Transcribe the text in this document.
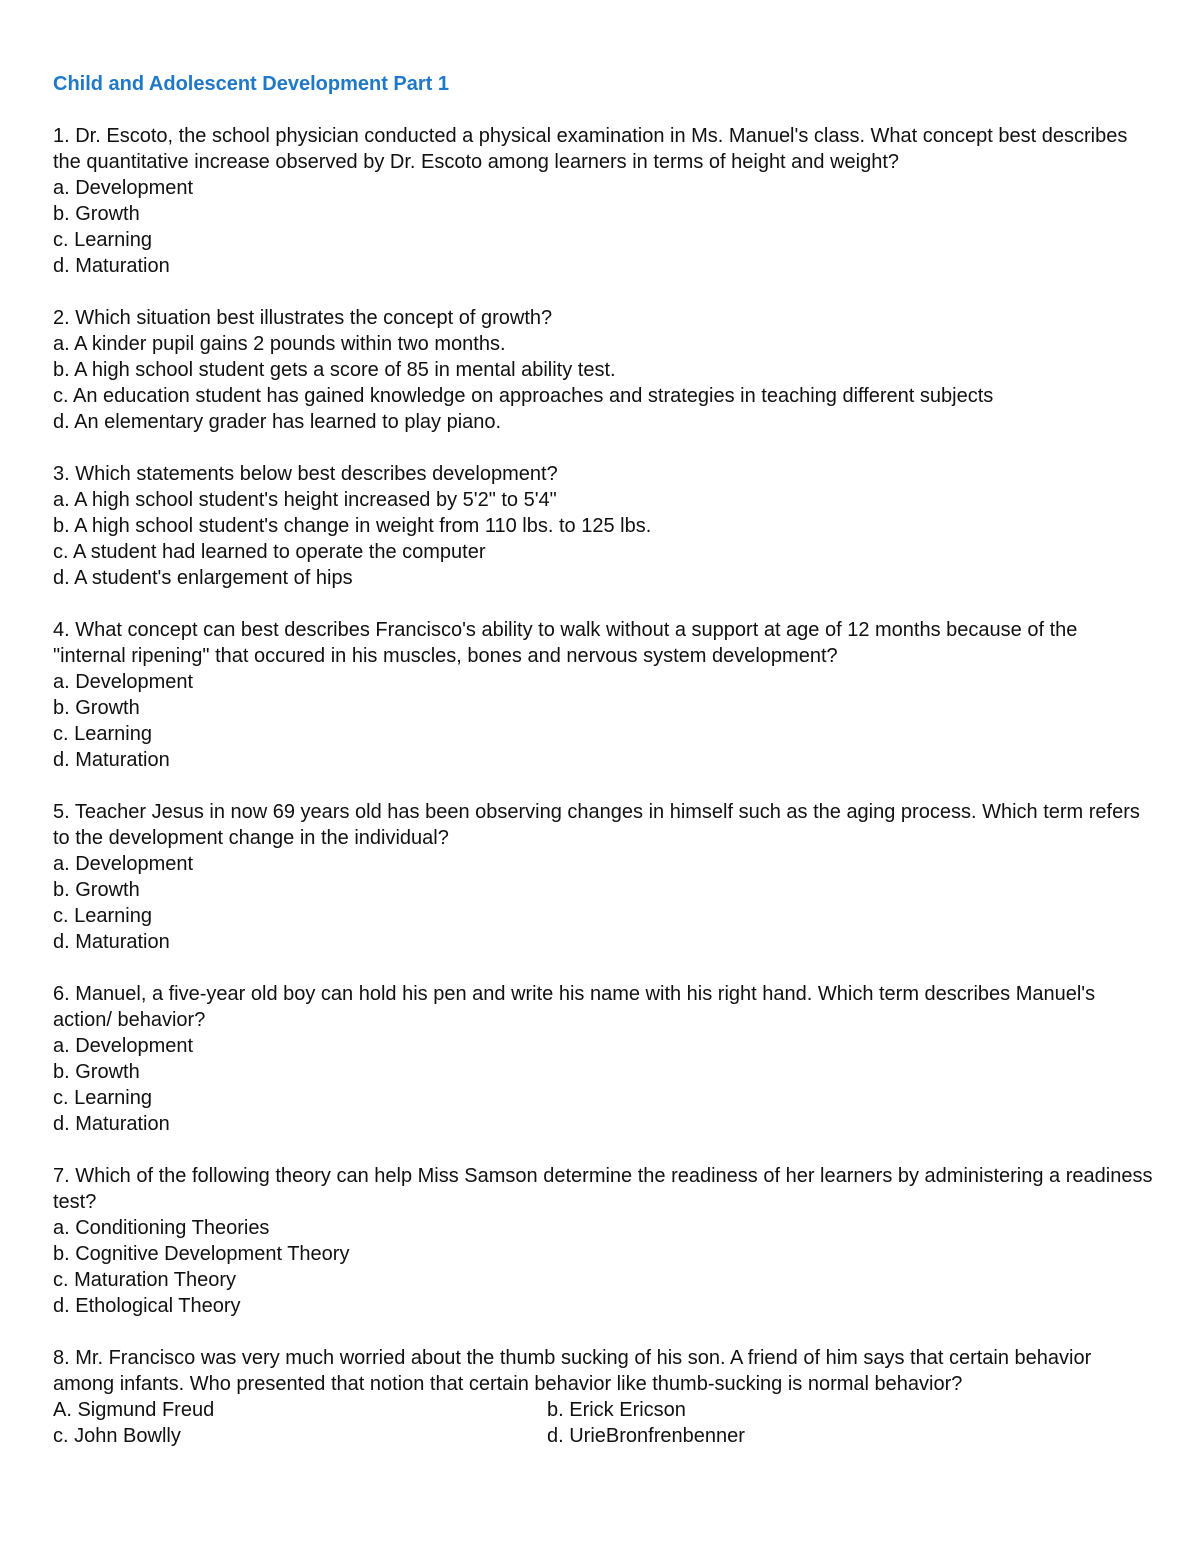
Child and Adolescent Development Part 1

1. Dr. Escoto, the school physician conducted a physical examination in Ms. Manuel's class. What concept best describes the quantitative increase observed by Dr. Escoto among learners in terms of height and weight?

a. Development

b. Growth

c. Learning

d. Maturation

2. Which situation best illustrates the concept of growth?

a. A kinder pupil gains 2 pounds within two months.

b. A high school student gets a score of 85 in mental ability test.

c. An education student has gained knowledge on approaches and strategies in teaching different subjects

d. An elementary grader has learned to play piano.

3. Which statements below best describes development?

a. A high school student's height increased by 5'2" to 5'4"

b. A high school student's change in weight from 110 lbs. to 125 lbs.

c. A student had learned to operate the computer

d. A student's enlargement of hips

4. What concept can best describes Francisco's ability to walk without a support at age of 12 months because of the "internal ripening" that occured in his muscles, bones and nervous system development?

a. Development

b. Growth

c. Learning

d. Maturation

5. Teacher Jesus in now 69 years old has been observing changes in himself such as the aging process. Which term refers to the development change in the individual?

a. Development

b. Growth

c. Learning

d. Maturation

6. Manuel, a five-year old boy can hold his pen and write his name with his right hand. Which term describes Manuel's action/ behavior?

a. Development

b. Growth

c. Learning

d. Maturation

7. Which of the following theory can help Miss Samson determine the readiness of her learners by administering a readiness test?

a. Conditioning Theories

b. Cognitive Development Theory

c. Maturation Theory

d. Ethological Theory

8. Mr. Francisco was very much worried about the thumb sucking of his son. A friend of him says that certain behavior among infants. Who presented that notion that certain behavior like thumb-sucking is normal behavior?

A. Sigmund Freud	b. Erick Ericson

c. John Bowlly	d. UrieBronfrenbenner
